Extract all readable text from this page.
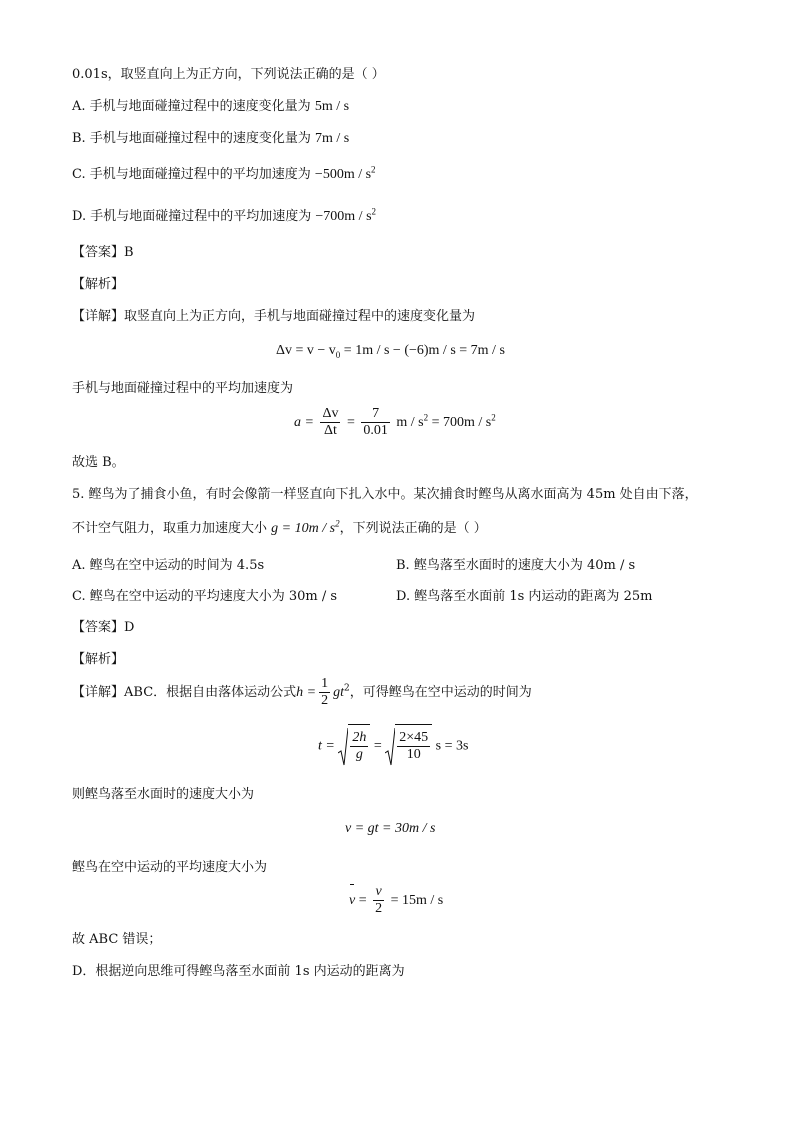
0.01s，取竖直向上为正方向，下列说法正确的是（ ）
A. 手机与地面碰撞过程中的速度变化量为 5m / s
B. 手机与地面碰撞过程中的速度变化量为 7m / s
C. 手机与地面碰撞过程中的平均加速度为 $-500m / s^2$
D. 手机与地面碰撞过程中的平均加速度为 $-700m / s^2$
【答案】B
【解析】
【详解】取竖直向上为正方向，手机与地面碰撞过程中的速度变化量为
$\Delta v = v - v_0 = 1m / s - (-6)m / s = 7m / s$
手机与地面碰撞过程中的平均加速度为
$a = \frac{\Delta v}{\Delta t} = \frac{7}{0.01}$ $m / s^2 = 700m / s^2$
故选 B。
5. 鲣鸟为了捕食小鱼，有时会像箭一样竖直向下扎入水中。某次捕食时鲣鸟从离水面高为 45m 处自由下落，
不计空气阻力，取重力加速度大小 $g = 10m / s^2$，下列说法正确的是（ ）
A. 鲣鸟在空中运动的时间为 4.5s	B. 鲣鸟落至水面时的速度大小为 40m / s
C. 鲣鸟在空中运动的平均速度大小为 30m / s	D. 鲣鸟落至水面前 1s 内运动的距离为 25m
【答案】D
【解析】
【详解】ABC．根据自由落体运动公式$h = \frac{1}{2} gt^2$，可得鲣鸟在空中运动的时间为
$t = \frac{2h}{g} = \frac{2\times 45}{10}$ s = 3s
则鲣鸟落至水面时的速度大小为
v = gt = 30m / s
鲣鸟在空中运动的平均速度大小为
$v = \frac{v}{2} = 15m / s$
故 ABC 错误；
D．根据逆向思维可得鲣鸟落至水面前 1s 内运动的距离为
